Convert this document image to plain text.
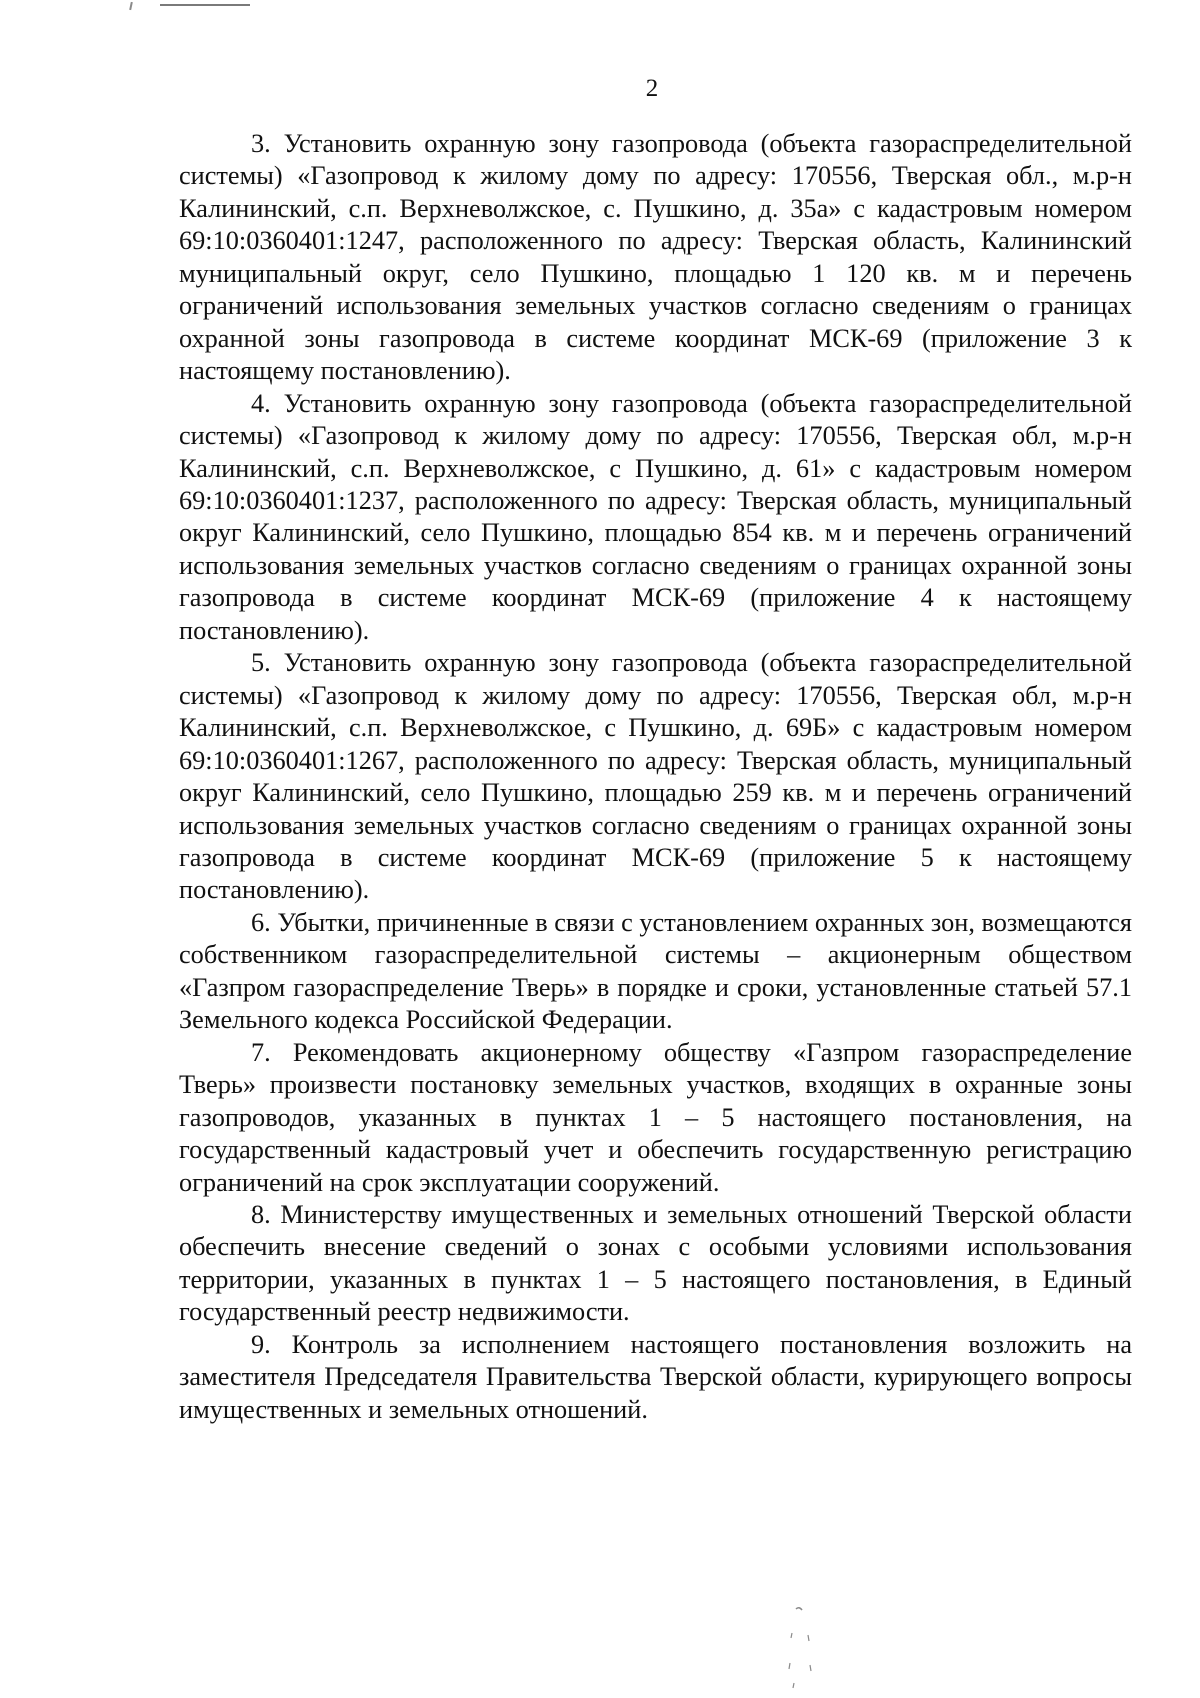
2

3. Установить охранную зону газопровода (объекта газораспределительной системы) «Газопровод к жилому дому по адресу: 170556, Тверская обл., м.р-н Калининский, с.п. Верхневолжское, с. Пушкино, д. 35а» с кадастровым номером 69:10:0360401:1247, расположенного по адресу: Тверская область, Калининский муниципальный округ, село Пушкино, площадью 1 120 кв. м и перечень ограничений использования земельных участков согласно сведениям о границах охранной зоны газопровода в системе координат МСК-69 (приложение 3 к настоящему постановлению).

4. Установить охранную зону газопровода (объекта газораспределительной системы) «Газопровод к жилому дому по адресу: 170556, Тверская обл, м.р-н Калининский, с.п. Верхневолжское, с Пушкино, д. 61» с кадастровым номером 69:10:0360401:1237, расположенного по адресу: Тверская область, муниципальный округ Калининский, село Пушкино, площадью 854 кв. м и перечень ограничений использования земельных участков согласно сведениям о границах охранной зоны газопровода в системе координат МСК-69 (приложение 4 к настоящему постановлению).

5. Установить охранную зону газопровода (объекта газораспределительной системы) «Газопровод к жилому дому по адресу: 170556, Тверская обл, м.р-н Калининский, с.п. Верхневолжское, с Пушкино, д. 69Б» с кадастровым номером 69:10:0360401:1267, расположенного по адресу: Тверская область, муниципальный округ Калининский, село Пушкино, площадью 259 кв. м и перечень ограничений использования земельных участков согласно сведениям о границах охранной зоны газопровода в системе координат МСК-69 (приложение 5 к настоящему постановлению).

6. Убытки, причиненные в связи с установлением охранных зон, возмещаются собственником газораспределительной системы – акционерным обществом «Газпром газораспределение Тверь» в порядке и сроки, установленные статьей 57.1 Земельного кодекса Российской Федерации.

7. Рекомендовать акционерному обществу «Газпром газораспределение Тверь» произвести постановку земельных участков, входящих в охранные зоны газопроводов, указанных в пунктах 1 – 5 настоящего постановления, на государственный кадастровый учет и обеспечить государственную регистрацию ограничений на срок эксплуатации сооружений.

8. Министерству имущественных и земельных отношений Тверской области обеспечить внесение сведений о зонах с особыми условиями использования территории, указанных в пунктах 1 – 5 настоящего постановления, в Единый государственный реестр недвижимости.

9. Контроль за исполнением настоящего постановления возложить на заместителя Председателя Правительства Тверской области, курирующего вопросы имущественных и земельных отношений.
